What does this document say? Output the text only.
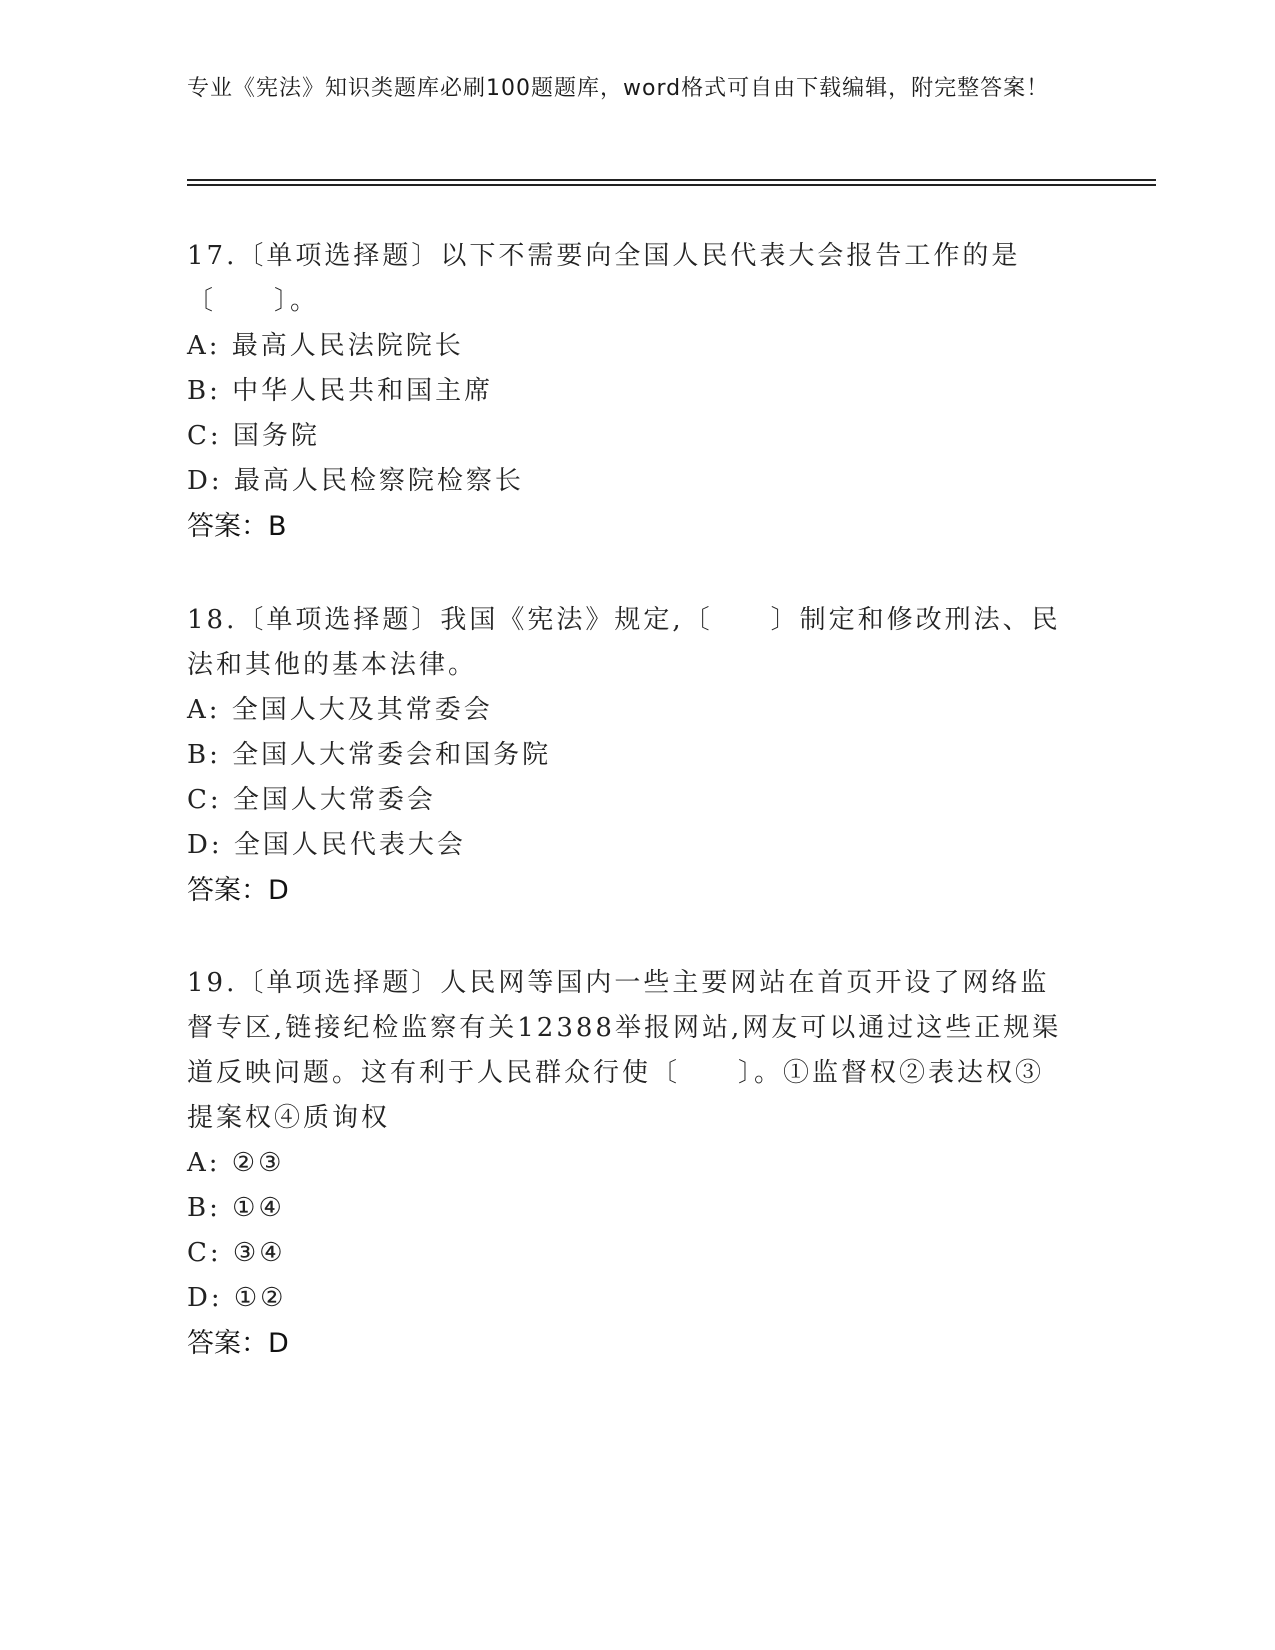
专业《宪法》知识类题库必刷100题题库，word格式可自由下载编辑，附完整答案！

17.〔单项选择题〕以下不需要向全国人民代表大会报告工作的是〔　　〕。

A: 最高人民法院院长

B: 中华人民共和国主席

C: 国务院

D: 最高人民检察院检察长

答案：B

18.〔单项选择题〕我国《宪法》规定,〔　　〕制定和修改刑法、民法和其他的基本法律。

A: 全国人大及其常委会

B: 全国人大常委会和国务院

C: 全国人大常委会

D: 全国人民代表大会

答案：D

19.〔单项选择题〕人民网等国内一些主要网站在首页开设了网络监督专区,链接纪检监察有关12388举报网站,网友可以通过这些正规渠道反映问题。这有利于人民群众行使〔　　〕。①监督权②表达权③提案权④质询权

A: ②③

B: ①④

C: ③④

D: ①②

答案：D
